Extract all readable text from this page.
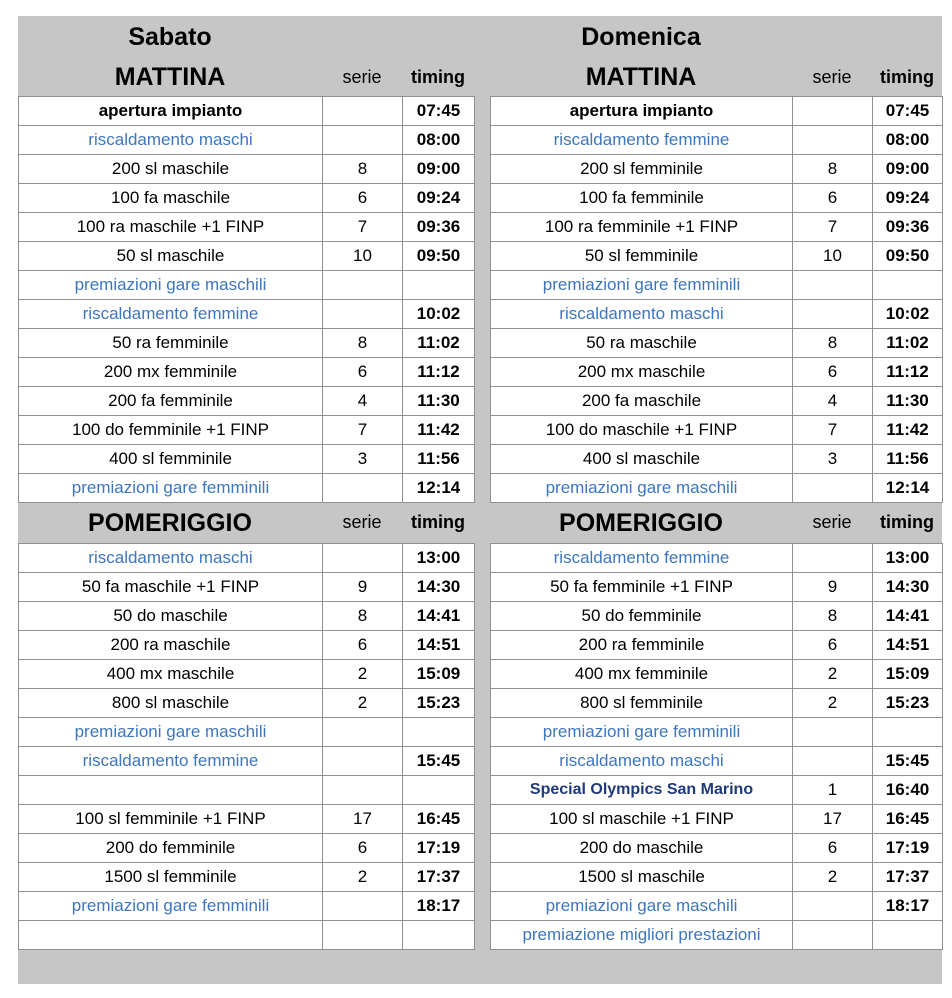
Sabato
MATTINA	serie	timing
apertura impianto		07:45
riscaldamento maschi		08:00
200 sl maschile	8	09:00
100 fa maschile	6	09:24
100 ra maschile +1 FINP	7	09:36
50 sl maschile	10	09:50
premiazioni gare maschili		
riscaldamento femmine		10:02
50 ra femminile	8	11:02
200 mx femminile	6	11:12
200 fa femminile	4	11:30
100 do femminile +1 FINP	7	11:42
400 sl femminile	3	11:56
premiazioni gare femminili		12:14
POMERIGGIO	serie	timing
riscaldamento maschi		13:00
50 fa maschile +1 FINP	9	14:30
50 do maschile	8	14:41
200 ra maschile	6	14:51
400 mx maschile	2	15:09
800 sl maschile	2	15:23
premiazioni gare maschili		
riscaldamento femmine		15:45

100 sl femminile +1 FINP	17	16:45
200 do femminile	6	17:19
1500 sl femminile	2	17:37
premiazioni gare femminili		18:17

Domenica
MATTINA	serie	timing
apertura impianto		07:45
riscaldamento femmine		08:00
200 sl femminile	8	09:00
100 fa femminile	6	09:24
100 ra femminile +1 FINP	7	09:36
50 sl femminile	10	09:50
premiazioni gare femminili		
riscaldamento maschi		10:02
50 ra maschile	8	11:02
200 mx maschile	6	11:12
200 fa maschile	4	11:30
100 do maschile +1 FINP	7	11:42
400 sl maschile	3	11:56
premiazioni gare maschili		12:14
POMERIGGIO	serie	timing
riscaldamento femmine		13:00
50 fa femminile +1 FINP	9	14:30
50 do femminile	8	14:41
200 ra femminile	6	14:51
400 mx femminile	2	15:09
800 sl femminile	2	15:23
premiazioni gare femminili		
riscaldamento maschi		15:45
Special Olympics San Marino	1	16:40
100 sl maschile +1 FINP	17	16:45
200 do maschile	6	17:19
1500 sl maschile	2	17:37
premiazioni gare maschili		18:17
premiazione migliori prestazioni		
